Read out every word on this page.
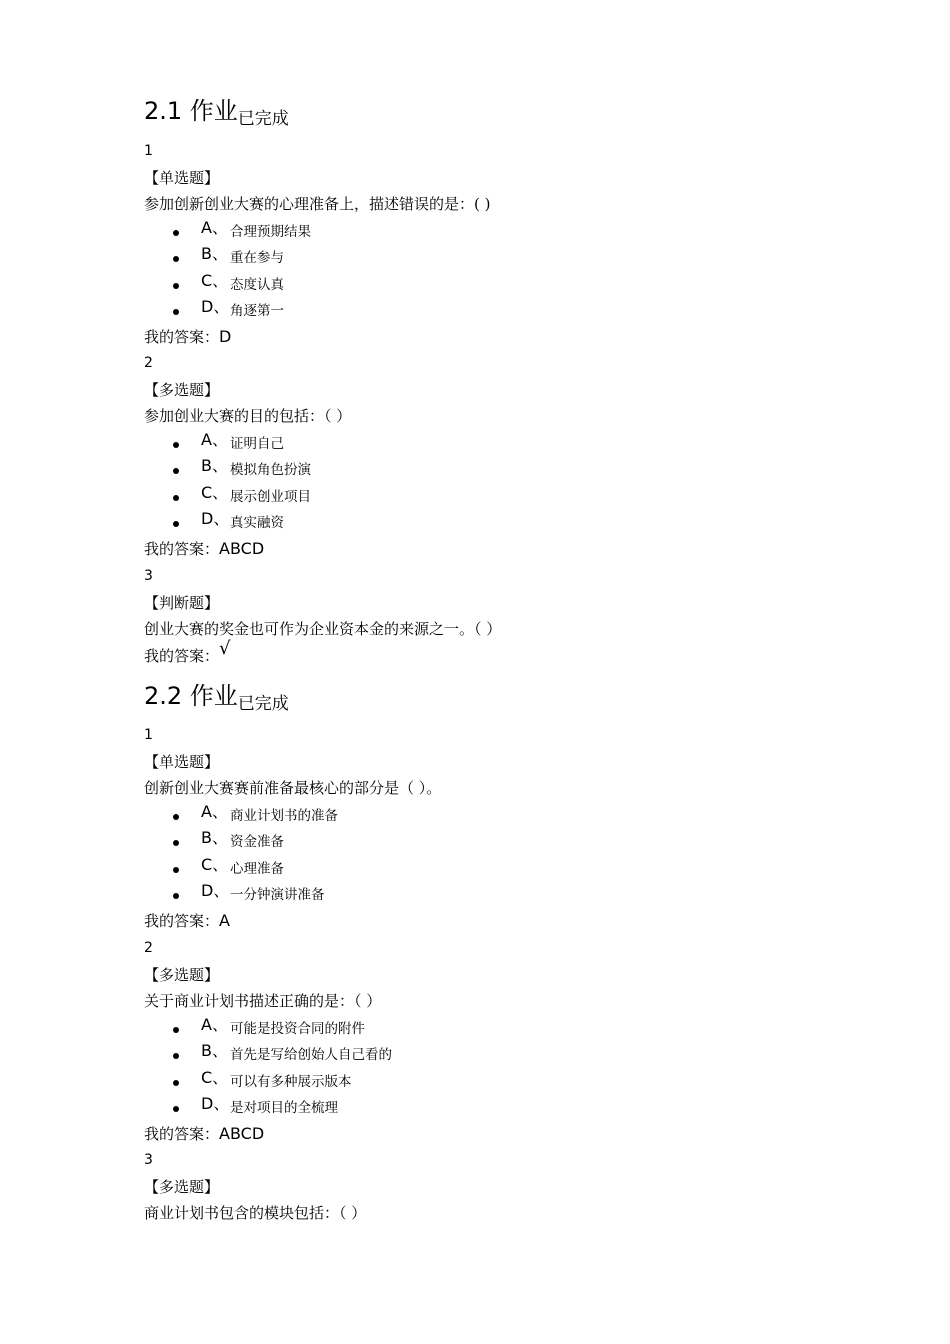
2.1 作业已完成
1
【单选题】
参加创新创业大赛的心理准备上，描述错误的是：( )
A、 合理预期结果
B、 重在参与
C、 态度认真
D、 角逐第一
我的答案：D
2
【多选题】
参加创业大赛的目的包括：（ ）
A、 证明自己
B、 模拟角色扮演
C、 展示创业项目
D、 真实融资
我的答案：ABCD
3
【判断题】
创业大赛的奖金也可作为企业资本金的来源之一。（ ）
我的答案：√
2.2 作业已完成
1
【单选题】
创新创业大赛赛前准备最核心的部分是（ ）。
A、 商业计划书的准备
B、 资金准备
C、 心理准备
D、 一分钟演讲准备
我的答案：A
2
【多选题】
关于商业计划书描述正确的是：（ ）
A、 可能是投资合同的附件
B、 首先是写给创始人自己看的
C、 可以有多种展示版本
D、 是对项目的全梳理
我的答案：ABCD
3
【多选题】
商业计划书包含的模块包括：（ ）
